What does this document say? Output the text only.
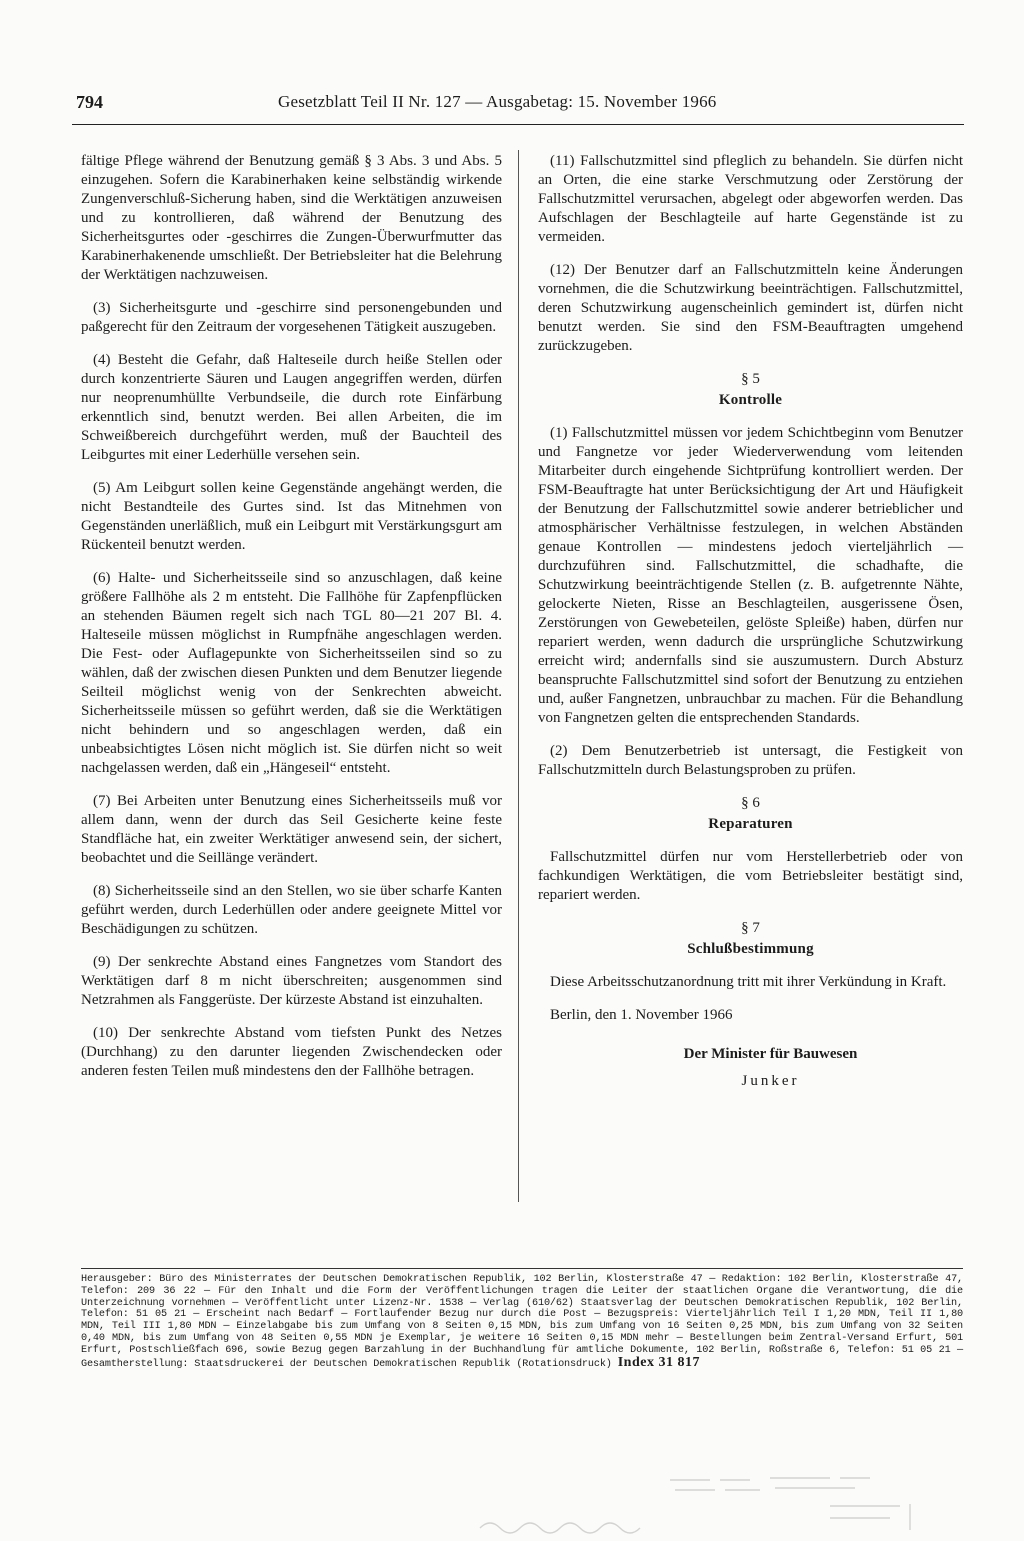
794	Gesetzblatt Teil II Nr. 127 — Ausgabetag: 15. November 1966

fältige Pflege während der Benutzung gemäß § 3 Abs. 3 und Abs. 5 einzugehen. Sofern die Karabinerhaken keine selbständig wirkende Zungenverschluß-Sicherung haben, sind die Werktätigen anzuweisen und zu kontrollieren, daß während der Benutzung des Sicherheitsgurtes oder -geschirres die Zungen-Überwurfmutter das Karabinerhakenende umschließt. Der Betriebsleiter hat die Belehrung der Werktätigen nachzuweisen.

(3) Sicherheitsgurte und -geschirre sind personengebunden und paßgerecht für den Zeitraum der vorgesehenen Tätigkeit auszugeben.

(4) Besteht die Gefahr, daß Halteseile durch heiße Stellen oder durch konzentrierte Säuren und Laugen angegriffen werden, dürfen nur neoprenumhüllte Verbundseile, die durch rote Einfärbung erkenntlich sind, benutzt werden. Bei allen Arbeiten, die im Schweißbereich durchgeführt werden, muß der Bauchteil des Leibgurtes mit einer Lederhülle versehen sein.

(5) Am Leibgurt sollen keine Gegenstände angehängt werden, die nicht Bestandteile des Gurtes sind. Ist das Mitnehmen von Gegenständen unerläßlich, muß ein Leibgurt mit Verstärkungsgurt am Rückenteil benutzt werden.

(6) Halte- und Sicherheitsseile sind so anzuschlagen, daß keine größere Fallhöhe als 2 m entsteht. Die Fallhöhe für Zapfenpflücken an stehenden Bäumen regelt sich nach TGL 80—21 207 Bl. 4. Halteseile müssen möglichst in Rumpfnähe angeschlagen werden. Die Fest- oder Auflagepunkte von Sicherheitsseilen sind so zu wählen, daß der zwischen diesen Punkten und dem Benutzer liegende Seilteil möglichst wenig von der Senkrechten abweicht. Sicherheitsseile müssen so geführt werden, daß sie die Werktätigen nicht behindern und so angeschlagen werden, daß ein unbeabsichtigtes Lösen nicht möglich ist. Sie dürfen nicht so weit nachgelassen werden, daß ein „Hängeseil“ entsteht.

(7) Bei Arbeiten unter Benutzung eines Sicherheitsseils muß vor allem dann, wenn der durch das Seil Gesicherte keine feste Standfläche hat, ein zweiter Werktätiger anwesend sein, der sichert, beobachtet und die Seillänge verändert.

(8) Sicherheitsseile sind an den Stellen, wo sie über scharfe Kanten geführt werden, durch Lederhüllen oder andere geeignete Mittel vor Beschädigungen zu schützen.

(9) Der senkrechte Abstand eines Fangnetzes vom Standort des Werktätigen darf 8 m nicht überschreiten; ausgenommen sind Netzrahmen als Fanggerüste. Der kürzeste Abstand ist einzuhalten.

(10) Der senkrechte Abstand vom tiefsten Punkt des Netzes (Durchhang) zu den darunter liegenden Zwischendecken oder anderen festen Teilen muß mindestens den der Fallhöhe betragen.

(11) Fallschutzmittel sind pfleglich zu behandeln. Sie dürfen nicht an Orten, die eine starke Verschmutzung oder Zerstörung der Fallschutzmittel verursachen, abgelegt oder abgeworfen werden. Das Aufschlagen der Beschlagteile auf harte Gegenstände ist zu vermeiden.

(12) Der Benutzer darf an Fallschutzmitteln keine Änderungen vornehmen, die die Schutzwirkung beeinträchtigen. Fallschutzmittel, deren Schutzwirkung augenscheinlich gemindert ist, dürfen nicht benutzt werden. Sie sind den FSM-Beauftragten umgehend zurückzugeben.

§ 5
Kontrolle

(1) Fallschutzmittel müssen vor jedem Schichtbeginn vom Benutzer und Fangnetze vor jeder Wiederverwendung vom leitenden Mitarbeiter durch eingehende Sichtprüfung kontrolliert werden. Der FSM-Beauftragte hat unter Berücksichtigung der Art und Häufigkeit der Benutzung der Fallschutzmittel sowie anderer betrieblicher und atmosphärischer Verhältnisse festzulegen, in welchen Abständen genaue Kontrollen — mindestens jedoch vierteljährlich — durchzuführen sind. Fallschutzmittel, die schadhafte, die Schutzwirkung beeinträchtigende Stellen (z. B. aufgetrennte Nähte, gelockerte Nieten, Risse an Beschlagteilen, ausgerissene Ösen, Zerstörungen von Gewebeteilen, gelöste Spleiße) haben, dürfen nur repariert werden, wenn dadurch die ursprüngliche Schutzwirkung erreicht wird; andernfalls sind sie auszumustern. Durch Absturz beanspruchte Fallschutzmittel sind sofort der Benutzung zu entziehen und, außer Fangnetzen, unbrauchbar zu machen. Für die Behandlung von Fangnetzen gelten die entsprechenden Standards.

(2) Dem Benutzerbetrieb ist untersagt, die Festigkeit von Fallschutzmitteln durch Belastungsproben zu prüfen.

§ 6
Reparaturen

Fallschutzmittel dürfen nur vom Herstellerbetrieb oder von fachkundigen Werktätigen, die vom Betriebsleiter bestätigt sind, repariert werden.

§ 7
Schlußbestimmung

Diese Arbeitsschutzanordnung tritt mit ihrer Verkündung in Kraft.

Berlin, den 1. November 1966
Der Minister für Bauwesen
Junker
Herausgeber: Büro des Ministerrates der Deutschen Demokratischen Republik, 102 Berlin, Klosterstraße 47 — Redaktion: 102 Berlin, Klosterstraße 47, Telefon: 209 36 22 — Für den Inhalt und die Form der Veröffentlichungen tragen die Leiter der staatlichen Organe die Verantwortung, die die Unterzeichnung vornehmen — Veröffentlicht unter Lizenz-Nr. 1538 — Verlag (610/62) Staatsverlag der Deutschen Demokratischen Republik, 102 Berlin, Telefon: 51 05 21 — Erscheint nach Bedarf — Fortlaufender Bezug nur durch die Post — Bezugspreis: Vierteljährlich Teil I 1,20 MDN, Teil II 1,80 MDN, Teil III 1,80 MDN — Einzelabgabe bis zum Umfang von 8 Seiten 0,15 MDN, bis zum Umfang von 16 Seiten 0,25 MDN, bis zum Umfang von 32 Seiten 0,40 MDN, bis zum Umfang von 48 Seiten 0,55 MDN je Exemplar, je weitere 16 Seiten 0,15 MDN mehr — Bestellungen beim Zentral-Versand Erfurt, 501 Erfurt, Postschließfach 696, sowie Bezug gegen Barzahlung in der Buchhandlung für amtliche Dokumente, 102 Berlin, Roßstraße 6, Telefon: 51 05 21 — Gesamtherstellung: Staatsdruckerei der Deutschen Demokratischen Republik (Rotationsdruck) Index 31 817
